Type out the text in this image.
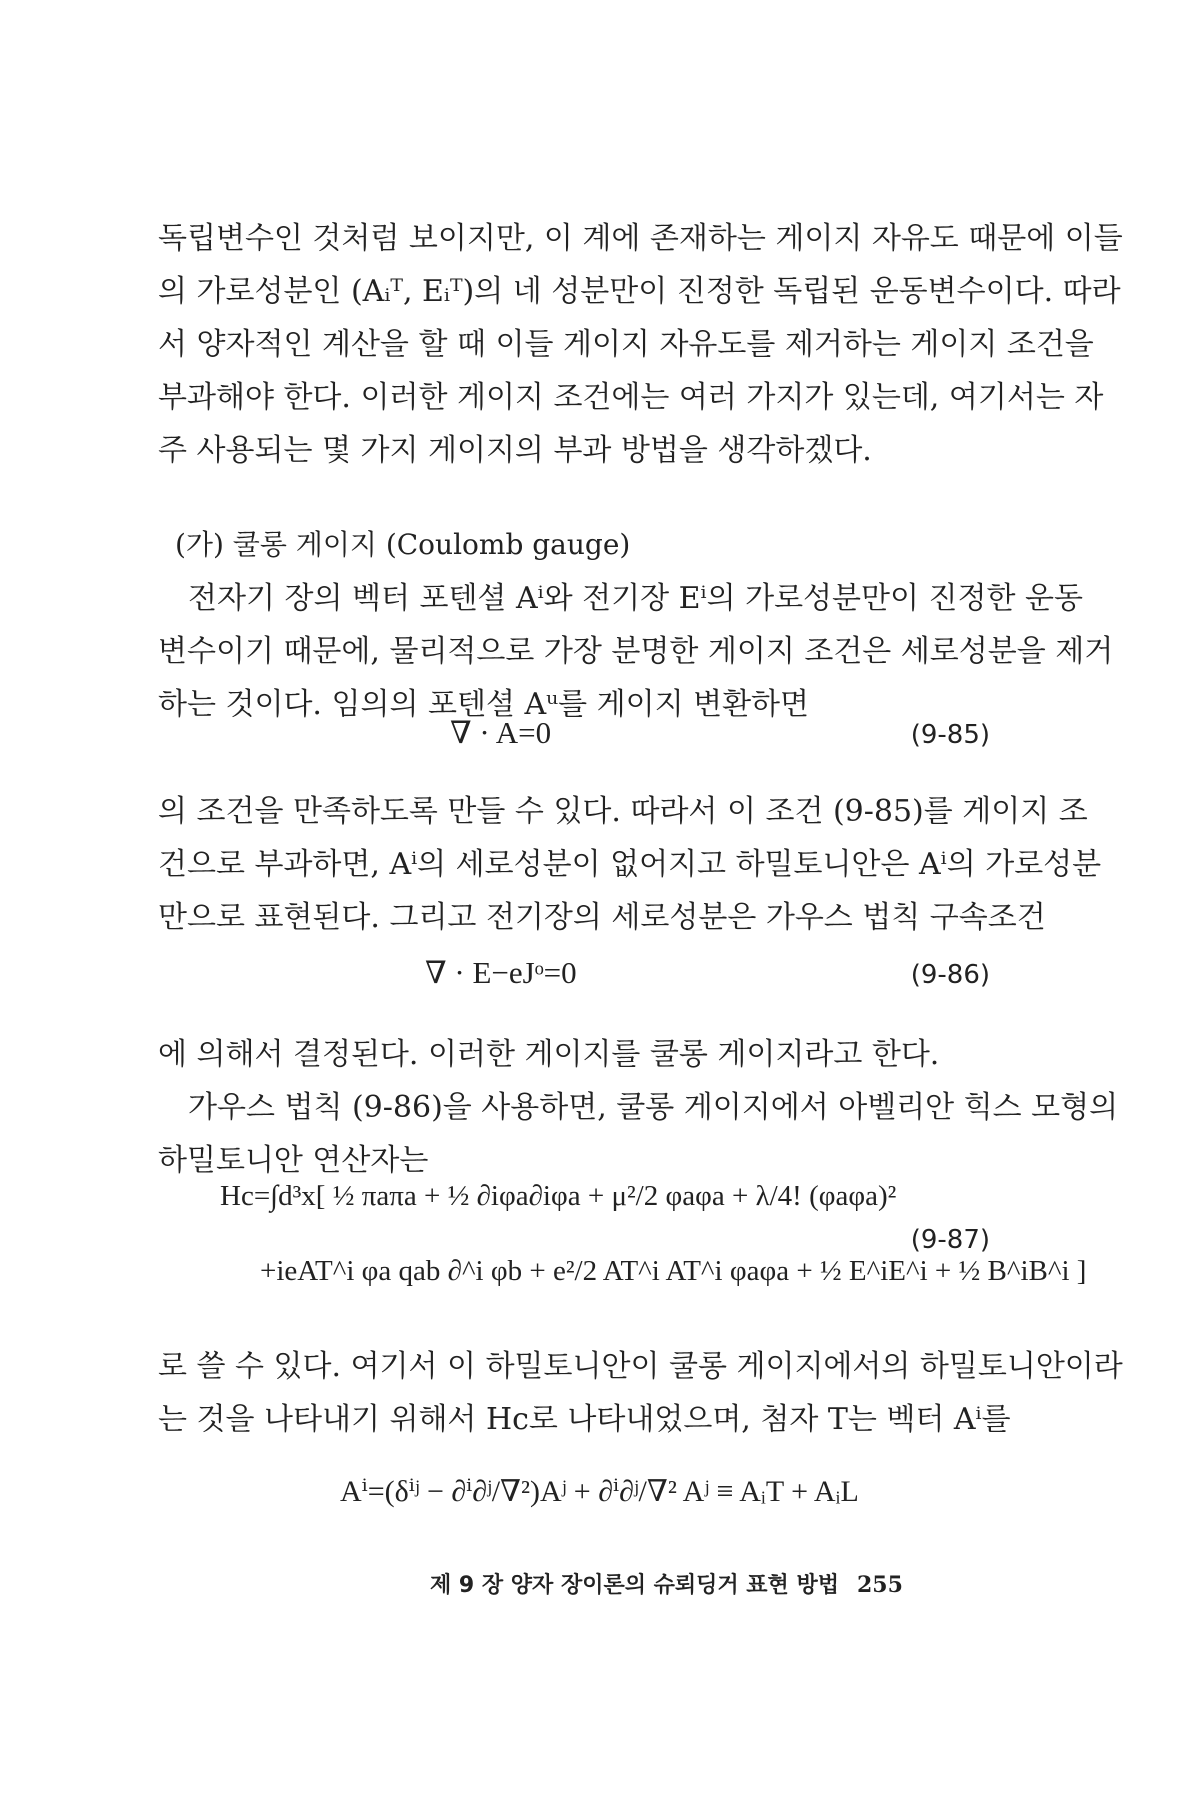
독립변수인 것처럼 보이지만, 이 계에 존재하는 게이지 자유도 때문에 이들
의 가로성분인 (Aᵢᵀ, Eᵢᵀ)의 네 성분만이 진정한 독립된 운동변수이다. 따라
서 양자적인 계산을 할 때 이들 게이지 자유도를 제거하는 게이지 조건을
부과해야 한다. 이러한 게이지 조건에는 여러 가지가 있는데, 여기서는 자
주 사용되는 몇 가지 게이지의 부과 방법을 생각하겠다.
(가) 쿨롱 게이지 (Coulomb gauge)
전자기 장의 벡터 포텐셜 Aⁱ와 전기장 Eⁱ의 가로성분만이 진정한 운동
변수이기 때문에, 물리적으로 가장 분명한 게이지 조건은 세로성분을 제거
하는 것이다. 임의의 포텐셜 Aᵘ를 게이지 변환하면
∇ · A=0	(9-85)
의 조건을 만족하도록 만들 수 있다. 따라서 이 조건 (9-85)를 게이지 조
건으로 부과하면, Aⁱ의 세로성분이 없어지고 하밀토니안은 Aⁱ의 가로성분
만으로 표현된다. 그리고 전기장의 세로성분은 가우스 법칙 구속조건
∇ · E−eJᵒ=0	(9-86)
에 의해서 결정된다. 이러한 게이지를 쿨롱 게이지라고 한다.
가우스 법칙 (9-86)을 사용하면, 쿨롱 게이지에서 아벨리안 힉스 모형의
하밀토니안 연산자는
Hc=∫d³x[ ½ πaπa + ½ ∂iφa∂iφa + μ²/2 φaφa + λ/4! (φaφa)²
+ieAT^i φa qab ∂^i φb + e²/2 AT^i AT^i φaφa + ½ E^iE^i + ½ B^iB^i ]
(9-87)
로 쓸 수 있다. 여기서 이 하밀토니안이 쿨롱 게이지에서의 하밀토니안이라
는 것을 나타내기 위해서 Hc로 나타내었으며, 첨자 T는 벡터 Aⁱ를
Aⁱ=(δⁱʲ − ∂ⁱ∂ʲ/∇²)Aʲ + ∂ⁱ∂ʲ/∇² Aʲ ≡ AᵢT + AᵢL
제 9 장 양자 장이론의 슈뢰딩거 표현 방법 255
